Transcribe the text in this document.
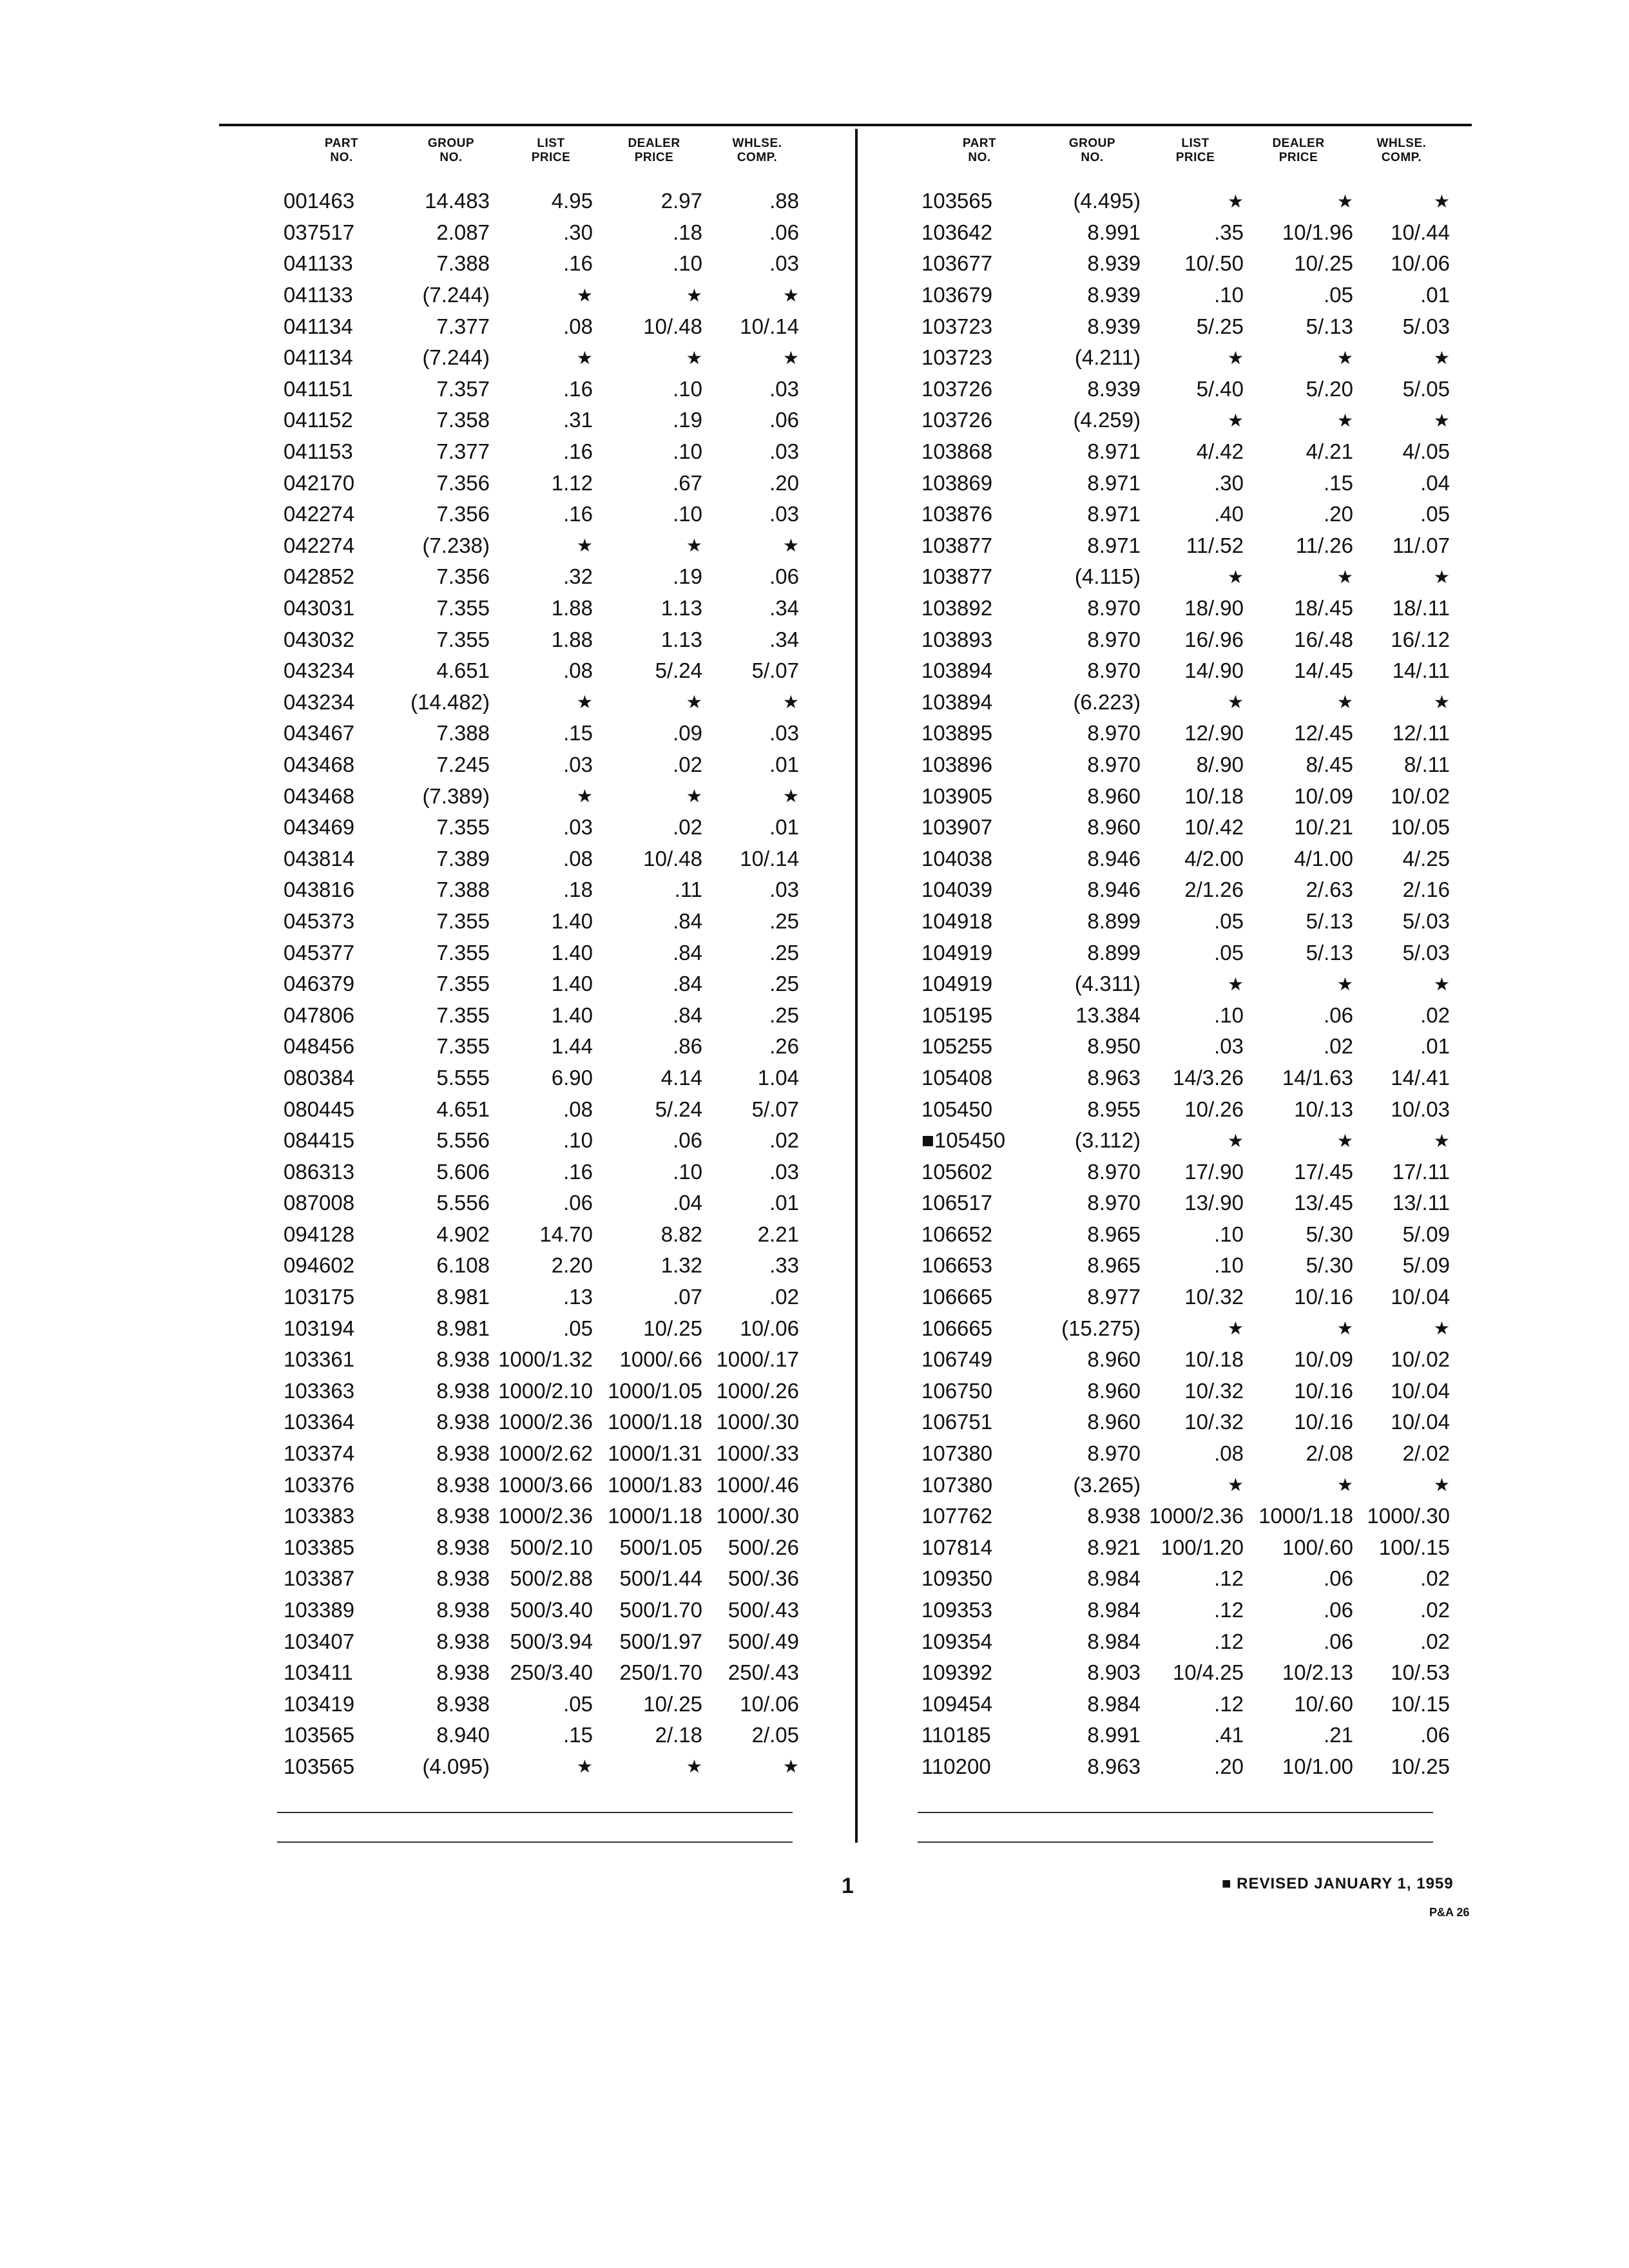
PART
NO.
GROUP
NO.
LIST
PRICE
DEALER
PRICE
WHLSE.
COMP.
001463	14.483	4.95	2.97	.88
037517	2.087	.30	.18	.06
041133	7.388	.16	.10	.03
041133	(7.244)	★	★	★
041134	7.377	.08	10/.48	10/.14
041134	(7.244)	★	★	★
041151	7.357	.16	.10	.03
041152	7.358	.31	.19	.06
041153	7.377	.16	.10	.03
042170	7.356	1.12	.67	.20
042274	7.356	.16	.10	.03
042274	(7.238)	★	★	★
042852	7.356	.32	.19	.06
043031	7.355	1.88	1.13	.34
043032	7.355	1.88	1.13	.34
043234	4.651	.08	5/.24	5/.07
043234	(14.482)	★	★	★
043467	7.388	.15	.09	.03
043468	7.245	.03	.02	.01
043468	(7.389)	★	★	★
043469	7.355	.03	.02	.01
043814	7.389	.08	10/.48	10/.14
043816	7.388	.18	.11	.03
045373	7.355	1.40	.84	.25
045377	7.355	1.40	.84	.25
046379	7.355	1.40	.84	.25
047806	7.355	1.40	.84	.25
048456	7.355	1.44	.86	.26
080384	5.555	6.90	4.14	1.04
080445	4.651	.08	5/.24	5/.07
084415	5.556	.10	.06	.02
086313	5.606	.16	.10	.03
087008	5.556	.06	.04	.01
094128	4.902	14.70	8.82	2.21
094602	6.108	2.20	1.32	.33
103175	8.981	.13	.07	.02
103194	8.981	.05	10/.25	10/.06
103361	8.938 1000/1.32	1000/.66 1000/.17
103363	8.938 1000/2.10 1000/1.05 1000/.26
103364	8.938 1000/2.36 1000/1.18 1000/.30
103374	8.938 1000/2.62 1000/1.31 1000/.33
103376	8.938 1000/3.66 1000/1.83 1000/.46
103383	8.938 1000/2.36 1000/1.18 1000/.30
103385	8.938 500/2.10	500/1.05	500/.26
103387	8.938 500/2.88	500/1.44	500/.36
103389	8.938 500/3.40	500/1.70	500/.43
103407	8.938 500/3.94	500/1.97	500/.49
103411	8.938 250/3.40	250/1.70	250/.43
103419	8.938	.05	10/.25	10/.06
103565	8.940	.15	2/.18	2/.05
103565	(4.095)	★	★	★
PART
NO.
GROUP
NO.
LIST
PRICE
DEALER
PRICE
WHLSE.
COMP.
103565	(4.495)	★	★	★
103642	8.991	.35	10/1.96	10/.44
103677	8.939	10/.50	10/.25	10/.06
103679	8.939	.10	.05	.01
103723	8.939	5/.25	5/.13	5/.03
103723	(4.211)	★	★	★
103726	8.939	5/.40	5/.20	5/.05
103726	(4.259)	★	★	★
103868	8.971	4/.42	4/.21	4/.05
103869	8.971	.30	.15	.04
103876	8.971	.40	.20	.05
103877	8.971	11/.52	11/.26	11/.07
103877	(4.115)	★	★	★
103892	8.970	18/.90	18/.45	18/.11
103893	8.970	16/.96	16/.48	16/.12
103894	8.970	14/.90	14/.45	14/.11
103894	(6.223)	★	★	★
103895	8.970	12/.90	12/.45	12/.11
103896	8.970	8/.90	8/.45	8/.11
103905	8.960	10/.18	10/.09	10/.02
103907	8.960	10/.42	10/.21	10/.05
104038	8.946	4/2.00	4/1.00	4/.25
104039	8.946	2/1.26	2/.63	2/.16
104918	8.899	.05	5/.13	5/.03
104919	8.899	.05	5/.13	5/.03
104919	(4.311)	★	★	★
105195	13.384	.10	.06	.02
105255	8.950	.03	.02	.01
105408	8.963	14/3.26	14/1.63	14/.41
105450	8.955	10/.26	10/.13	10/.03
■105450	(3.112)	★	★	★
105602	8.970	17/.90	17/.45	17/.11
106517	8.970	13/.90	13/.45	13/.11
106652	8.965	.10	5/.30	5/.09
106653	8.965	.10	5/.30	5/.09
106665	8.977	10/.32	10/.16	10/.04
106665	(15.275)	★	★	★
106749	8.960	10/.18	10/.09	10/.02
106750	8.960	10/.32	10/.16	10/.04
106751	8.960	10/.32	10/.16	10/.04
107380	8.970	.08	2/.08	2/.02
107380	(3.265)	★	★	★
107762	8.938 1000/2.36 1000/1.18 1000/.30
107814	8.921 100/1.20	100/.60	100/.15
109350	8.984	.12	.06	.02
109353	8.984	.12	.06	.02
109354	8.984	.12	.06	.02
109392	8.903	10/4.25	10/2.13	10/.53
109454	8.984	.12	10/.60	10/.15
110185	8.991	.41	.21	.06
110200	8.963	.20	10/1.00	10/.25
1	■ REVISED JANUARY 1, 1959
P&A 26
